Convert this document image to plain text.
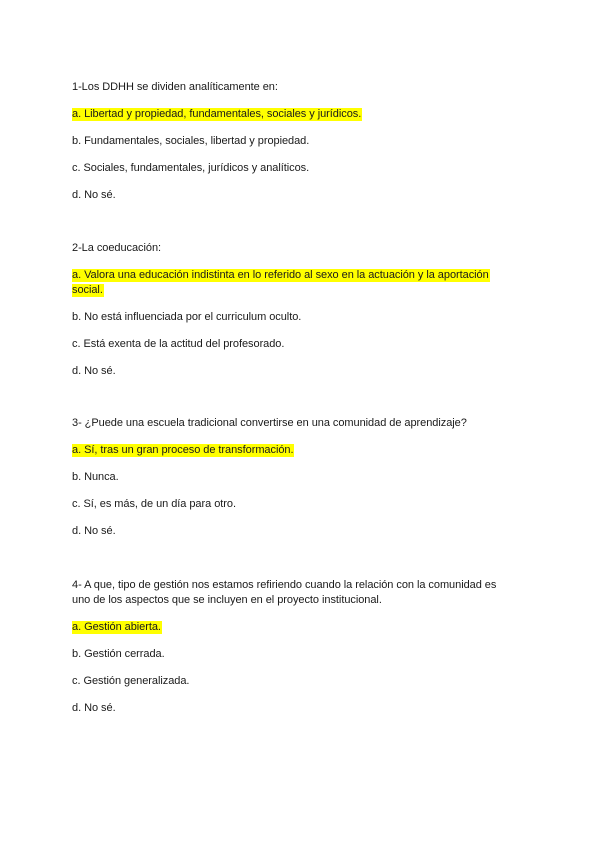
1-Los DDHH se dividen analíticamente en:

a. Libertad y propiedad, fundamentales, sociales y jurídicos.

b. Fundamentales, sociales, libertad y propiedad.

c. Sociales, fundamentales, jurídicos y analíticos.

d. No sé.

2-La coeducación:

a. Valora una educación indistinta en lo referido al sexo en la actuación y la aportación social.

b. No está influenciada por el curriculum oculto.

c. Está exenta de la actitud del profesorado.

d. No sé.

3- ¿Puede una escuela tradicional convertirse en una comunidad de aprendizaje?

a. Sí, tras un gran proceso de transformación.

b. Nunca.

c. Sí, es más, de un día para otro.

d. No sé.

4- A que, tipo de gestión nos estamos refiriendo cuando la relación con la comunidad es uno de los aspectos que se incluyen en el proyecto institucional.

a. Gestión abierta.

b. Gestión cerrada.

c. Gestión generalizada.

d. No sé.
